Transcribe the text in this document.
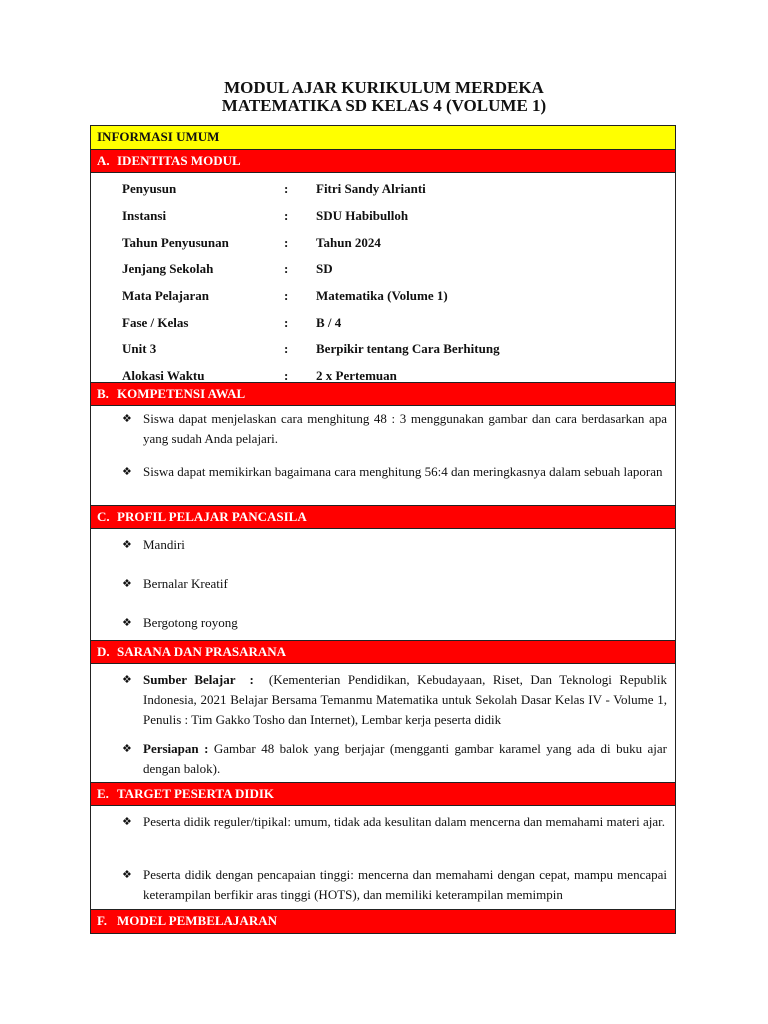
MODUL AJAR KURIKULUM MERDEKA
MATEMATIKA SD KELAS 4 (VOLUME 1)
INFORMASI UMUM
A. IDENTITAS MODUL
Penyusun	: Fitri Sandy Alrianti
Instansi	: SDU Habibulloh
Tahun Penyusunan	: Tahun 2024
Jenjang Sekolah	: SD
Mata Pelajaran	: Matematika (Volume 1)
Fase / Kelas	: B / 4
Unit 3	: Berpikir tentang Cara Berhitung
Alokasi Waktu	: 2 x Pertemuan
B. KOMPETENSI AWAL
❖ Siswa dapat menjelaskan cara menghitung 48 : 3 menggunakan gambar dan cara berdasarkan apa yang sudah Anda pelajari.
❖ Siswa dapat memikirkan bagaimana cara menghitung 56:4 dan meringkasnya dalam sebuah laporan
C. PROFIL PELAJAR PANCASILA
❖ Mandiri
❖ Bernalar Kreatif
❖ Bergotong royong
D. SARANA DAN PRASARANA
❖ Sumber Belajar : (Kementerian Pendidikan, Kebudayaan, Riset, Dan Teknologi Republik Indonesia, 2021 Belajar Bersama Temanmu Matematika untuk Sekolah Dasar Kelas IV - Volume 1, Penulis : Tim Gakko Tosho dan Internet), Lembar kerja peserta didik
❖ Persiapan : Gambar 48 balok yang berjajar (mengganti gambar karamel yang ada di buku ajar dengan balok).
E. TARGET PESERTA DIDIK
❖ Peserta didik reguler/tipikal: umum, tidak ada kesulitan dalam mencerna dan memahami materi ajar.
❖ Peserta didik dengan pencapaian tinggi: mencerna dan memahami dengan cepat, mampu mencapai keterampilan berfikir aras tinggi (HOTS), dan memiliki keterampilan memimpin
F. MODEL PEMBELAJARAN
